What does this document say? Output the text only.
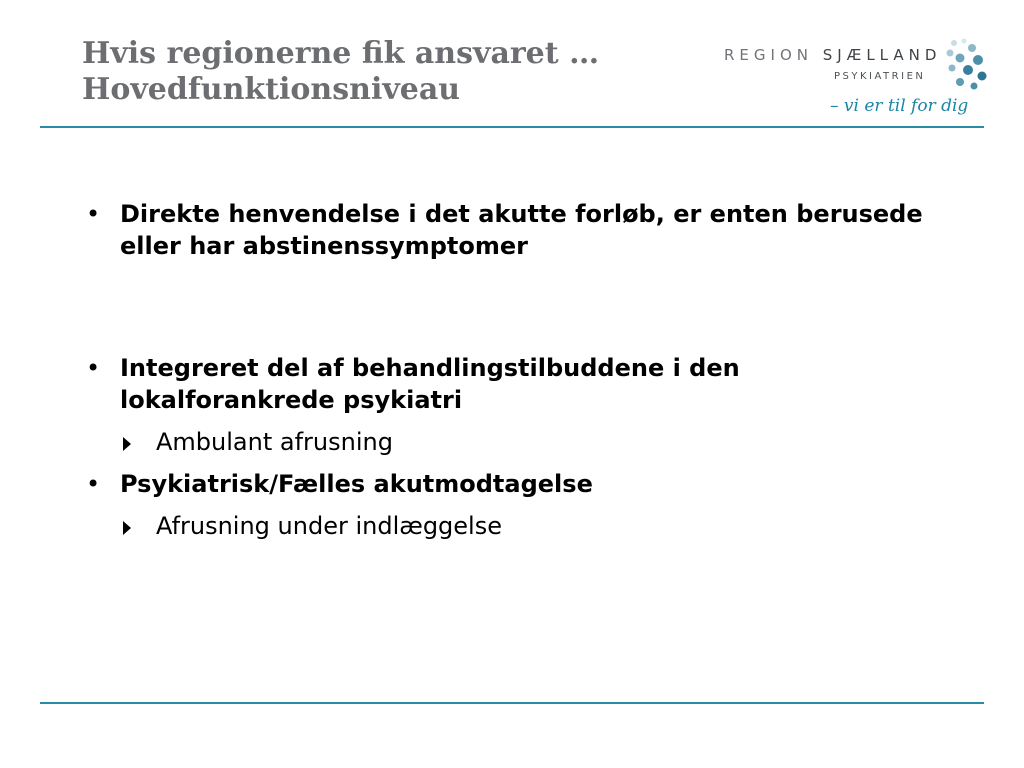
Hvis regionerne fik ansvaret …
Hovedfunktionsniveau
REGION SJÆLLAND
PSYKIATRIEN
– vi er til for dig

• Direkte henvendelse i det akutte forløb, er enten berusede eller har abstinenssymptomer

• Integreret del af behandlingstilbuddene i den lokalforankrede psykiatri

Ambulant afrusning

• Psykiatrisk/Fælles akutmodtagelse

Afrusning under indlæggelse
